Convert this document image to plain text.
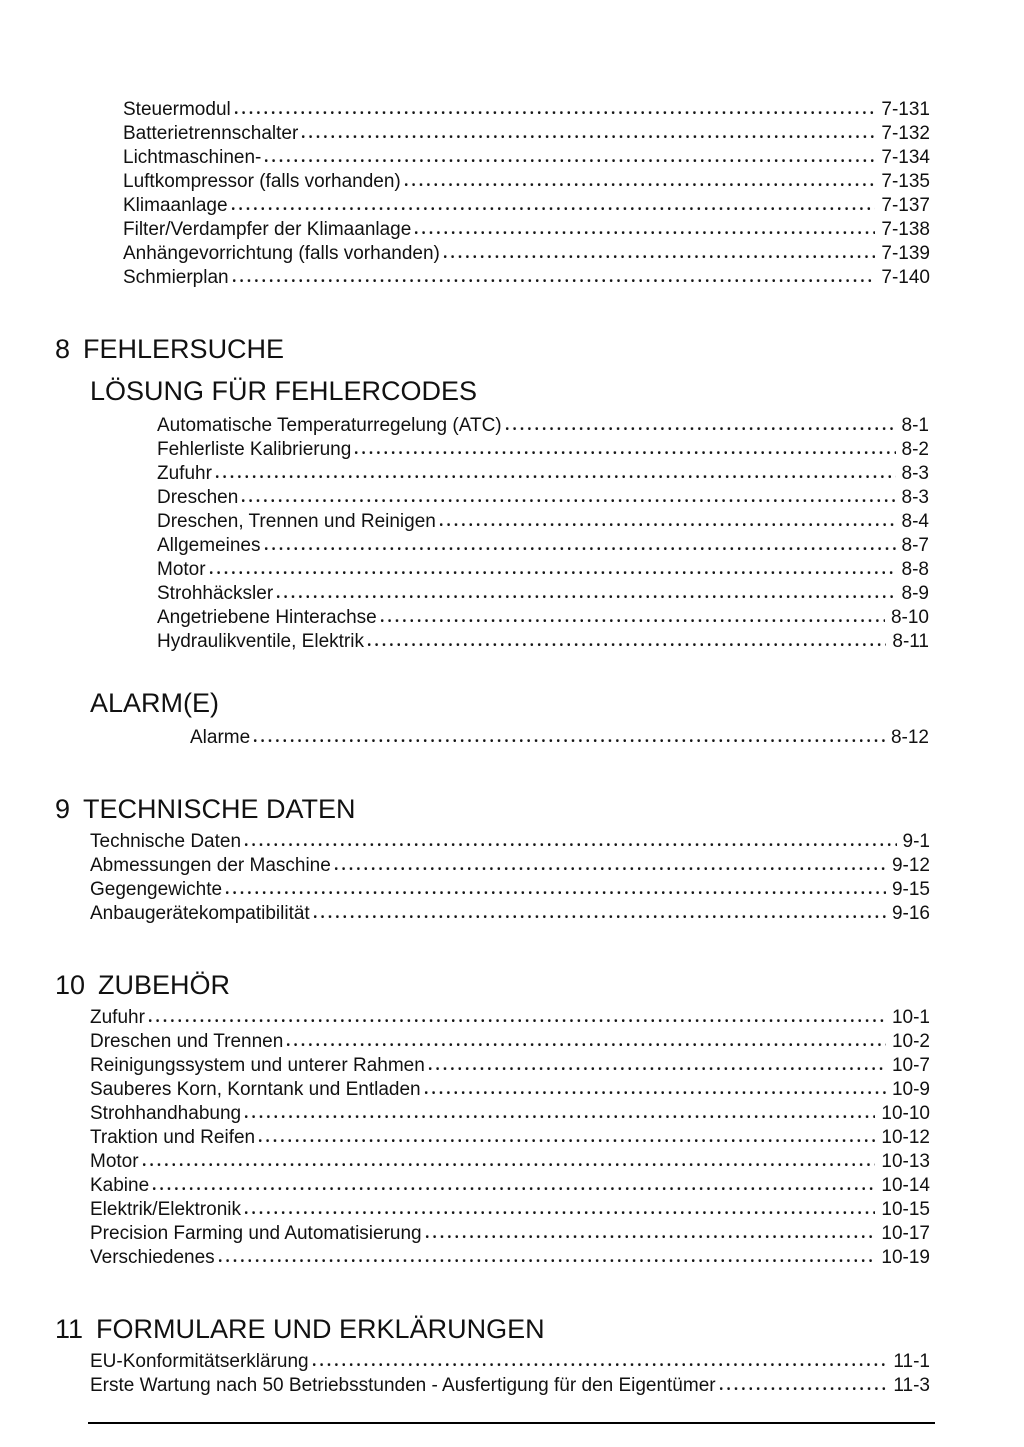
Steuermodul	7-131
Batterietrennschalter	7-132
Lichtmaschinen-	7-134
Luftkompressor (falls vorhanden)	7-135
Klimaanlage	7-137
Filter/Verdampfer der Klimaanlage	7-138
Anhängevorrichtung (falls vorhanden)	7-139
Schmierplan	7-140
8 FEHLERSUCHE
LÖSUNG FÜR FEHLERCODES
Automatische Temperaturregelung (ATC)	8-1
Fehlerliste Kalibrierung	8-2
Zufuhr	8-3
Dreschen	8-3
Dreschen, Trennen und Reinigen	8-4
Allgemeines	8-7
Motor	8-8
Strohhäcksler	8-9
Angetriebene Hinterachse	8-10
Hydraulikventile, Elektrik	8-11
ALARM(E)
Alarme	8-12
9 TECHNISCHE DATEN
Technische Daten	9-1
Abmessungen der Maschine	9-12
Gegengewichte	9-15
Anbaugerätekompatibilität	9-16
10 ZUBEHÖR
Zufuhr	10-1
Dreschen und Trennen	10-2
Reinigungssystem und unterer Rahmen	10-7
Sauberes Korn, Korntank und Entladen	10-9
Strohhandhabung	10-10
Traktion und Reifen	10-12
Motor	10-13
Kabine	10-14
Elektrik/Elektronik	10-15
Precision Farming und Automatisierung	10-17
Verschiedenes	10-19
11 FORMULARE UND ERKLÄRUNGEN
EU-Konformitätserklärung	11-1
Erste Wartung nach 50 Betriebsstunden - Ausfertigung für den Eigentümer	11-3
